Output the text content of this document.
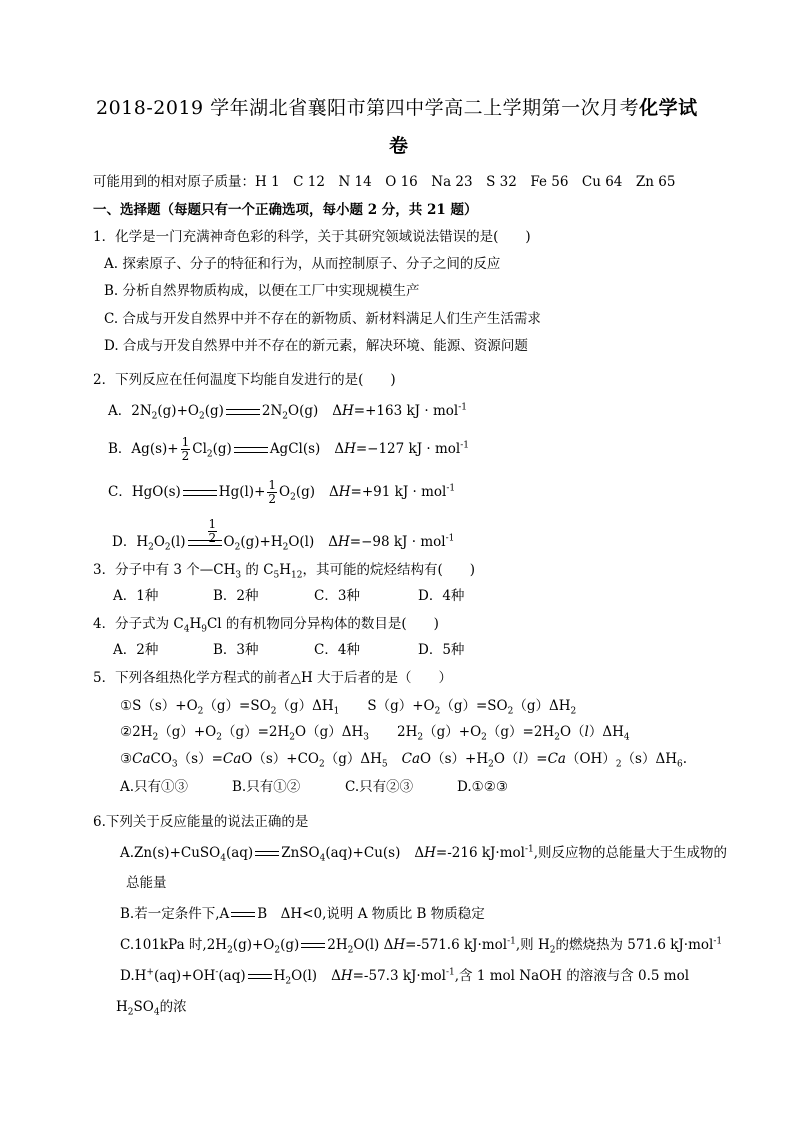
2018-2019 学年湖北省襄阳市第四中学高二上学期第一次月考化学试
卷
可能用到的相对原子质量：H 1　C 12　N 14　O 16　Na 23　S 32　Fe 56　Cu 64　Zn 65
一、选择题（每题只有一个正确选项，每小题 2 分，共 21 题）
1．化学是一门充满神奇色彩的科学，关于其研究领域说法错误的是(　　)
A. 探索原子、分子的特征和行为，从而控制原子、分子之间的反应
B. 分析自然界物质构成，以便在工厂中实现规模生产
C. 合成与开发自然界中并不存在的新物质、新材料满足人们生产生活需求
D. 合成与开发自然界中并不存在的新元素，解决环境、能源、资源问题
2．下列反应在任何温度下均能自发进行的是(　　)
A．$2N_2(g)+O_2(g)$	$2N_2O(g)$ ΔH=+163 kJ · mol$^{-1}$
B．$Ag(s)+ \frac{1}{2} Cl_2(g)$	AgCl(s) ΔH=−127 kJ · mol$^{-1}$
C．HgO(s)	$Hg(l)+ \frac{1}{2} O_2(g)$ ΔH=+91 kJ · mol$^{-1}$
D．$H_2O_2(l) \frac{1}{2} O_2(g)+H_2O(l)$ ΔH=−98 kJ · mol$^{-1}$
3．分子中有 3 个$—CH_3$ 的 $C_5H_{12}$，其可能的烷烃结构有(　　)
A．1种	B．2种	C．3种	D．4种
4．分子式为 $C_4H_9Cl$ 的有机物同分异构体的数目是(　　)
A．2种	B．3种	C．4种	D．5种
5．下列各组热化学方程式的前者△H 大于后者的是（　　）
$①S(s)+O_2(g)=SO_2(g)\Delta H_1$ $S(g)+O_2(g)=SO_2(g)\Delta H_2$
$②2H_2(g)+O_2(g)=2H_2O(g)\Delta H_3$ $2H_2(g)+O_2(g)=2H_2O(l)\Delta H_4$
$③CaCO_3(s)=CaO(s)+CO_2(g)\Delta H_5$ $CaO(s)+H_2O(l)=Ca(OH)_2(s)\Delta H_6$.
A.只有①③	B.只有①②	C.只有②③	D.①②③
6.下列关于反应能量的说法正确的是
A.Zn(s)+CuSO$_4$(aq) ZnSO$_4$(aq)+Cu(s) ΔH=-216 kJ·mol$^{-1}$,则反应物的总能量大于生成物的
总能量
B.若一定条件下,A B　ΔH<0,说明 A 物质比 B 物质稳定
C.101kPa 时$,2H_2(g)+O_2(g)$ $2H_2O(l)$ ΔH=-571.6 kJ·mol$^{-1}$,则 $H_2$的燃烧热为 571.6 kJ·mol$^{-1}$
D.H+(aq)+OH-(aq) $H_2O(l)$ ΔH=-57.3 kJ·mol$^{-1}$,含 1 mol NaOH 的溶液与含 0.5 mol
$H_2SO_4$的浓
